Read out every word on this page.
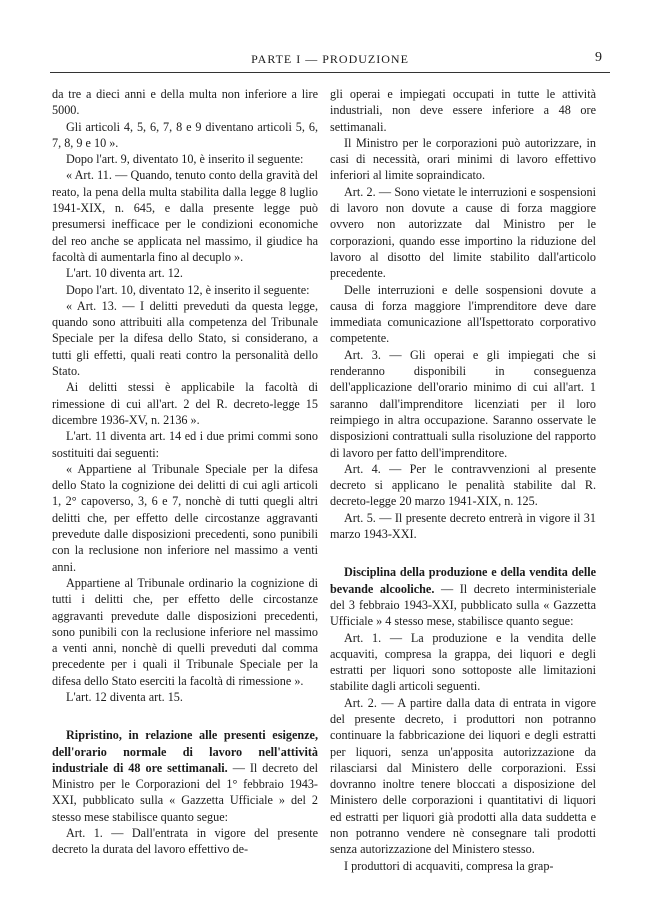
PARTE I — PRODUZIONE	9

da tre a dieci anni e della multa non inferiore a lire 5000.

Gli articoli 4, 5, 6, 7, 8 e 9 diventano articoli 5, 6, 7, 8, 9 e 10 ».

Dopo l'art. 9, diventato 10, è inserito il seguente:

« Art. 11. — Quando, tenuto conto della gravità del reato, la pena della multa stabilita dalla legge 8 luglio 1941-XIX, n. 645, e dalla presente legge può presumersi inefficace per le condizioni economiche del reo anche se applicata nel massimo, il giudice ha facoltà di aumentarla fino al decuplo ».

L'art. 10 diventa art. 12.

Dopo l'art. 10, diventato 12, è inserito il seguente:

« Art. 13. — I delitti preveduti da questa legge, quando sono attribuiti alla competenza del Tribunale Speciale per la difesa dello Stato, si considerano, a tutti gli effetti, quali reati contro la personalità dello Stato.

Ai delitti stessi è applicabile la facoltà di rimessione di cui all'art. 2 del R. decreto-legge 15 dicembre 1936-XV, n. 2136 ».

L'art. 11 diventa art. 14 ed i due primi commi sono sostituiti dai seguenti:

« Appartiene al Tribunale Speciale per la difesa dello Stato la cognizione dei delitti di cui agli articoli 1, 2° capoverso, 3, 6 e 7, nonchè di tutti quegli altri delitti che, per effetto delle circostanze aggravanti prevedute dalle disposizioni precedenti, sono punibili con la reclusione non inferiore nel massimo a venti anni.

Appartiene al Tribunale ordinario la cognizione di tutti i delitti che, per effetto delle circostanze aggravanti prevedute dalle disposizioni precedenti, sono punibili con la reclusione inferiore nel massimo a venti anni, nonchè di quelli preveduti dal comma precedente per i quali il Tribunale Speciale per la difesa dello Stato eserciti la facoltà di rimessione ».

L'art. 12 diventa art. 15.

Ripristino, in relazione alle presenti esigenze, dell'orario normale di lavoro nell'attività industriale di 48 ore settimanali. — Il decreto del Ministro per le Corporazioni del 1° febbraio 1943-XXI, pubblicato sulla « Gazzetta Ufficiale » del 2 stesso mese stabilisce quanto segue:

Art. 1. — Dall'entrata in vigore del presente decreto la durata del lavoro effettivo de-

gli operai e impiegati occupati in tutte le attività industriali, non deve essere inferiore a 48 ore settimanali.

Il Ministro per le corporazioni può autorizzare, in casi di necessità, orari minimi di lavoro effettivo inferiori al limite sopraindicato.

Art. 2. — Sono vietate le interruzioni e sospensioni di lavoro non dovute a cause di forza maggiore ovvero non autorizzate dal Ministro per le corporazioni, quando esse importino la riduzione del lavoro al disotto del limite stabilito dall'articolo precedente.

Delle interruzioni e delle sospensioni dovute a causa di forza maggiore l'imprenditore deve dare immediata comunicazione all'Ispettorato corporativo competente.

Art. 3. — Gli operai e gli impiegati che si renderanno disponibili in conseguenza dell'applicazione dell'orario minimo di cui all'art. 1 saranno dall'imprenditore licenziati per il loro reimpiego in altra occupazione. Saranno osservate le disposizioni contrattuali sulla risoluzione del rapporto di lavoro per fatto dell'imprenditore.

Art. 4. — Per le contravvenzioni al presente decreto si applicano le penalità stabilite dal R. decreto-legge 20 marzo 1941-XIX, n. 125.

Art. 5. — Il presente decreto entrerà in vigore il 31 marzo 1943-XXI.

Disciplina della produzione e della vendita delle bevande alcooliche. — Il decreto interministeriale del 3 febbraio 1943-XXI, pubblicato sulla « Gazzetta Ufficiale » 4 stesso mese, stabilisce quanto segue:

Art. 1. — La produzione e la vendita delle acquaviti, compresa la grappa, dei liquori e degli estratti per liquori sono sottoposte alle limitazioni stabilite dagli articoli seguenti.

Art. 2. — A partire dalla data di entrata in vigore del presente decreto, i produttori non potranno continuare la fabbricazione dei liquori e degli estratti per liquori, senza un'apposita autorizzazione da rilasciarsi dal Ministero delle corporazioni. Essi dovranno inoltre tenere bloccati a disposizione del Ministero delle corporazioni i quantitativi di liquori ed estratti per liquori già prodotti alla data suddetta e non potranno vendere nè consegnare tali prodotti senza autorizzazione del Ministero stesso.

I produttori di acquaviti, compresa la grap-
